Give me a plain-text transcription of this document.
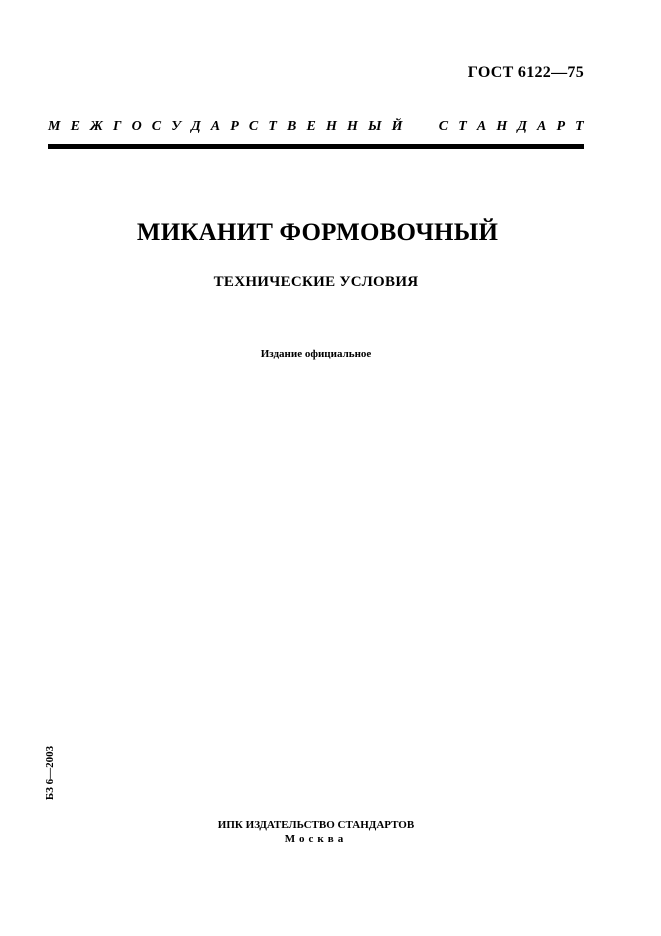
ГОСТ 6122—75
М Е Ж Г О С У Д А Р С Т В Е Н Н Ы Й
	С Т А Н Д А Р Т
МИКАНИТ ФОРМОВОЧНЫЙ
ТЕХНИЧЕСКИЕ УСЛОВИЯ
Издание официальное
БЗ 6—2003
ИПК ИЗДАТЕЛЬСТВО СТАНДАРТОВ
Москва
